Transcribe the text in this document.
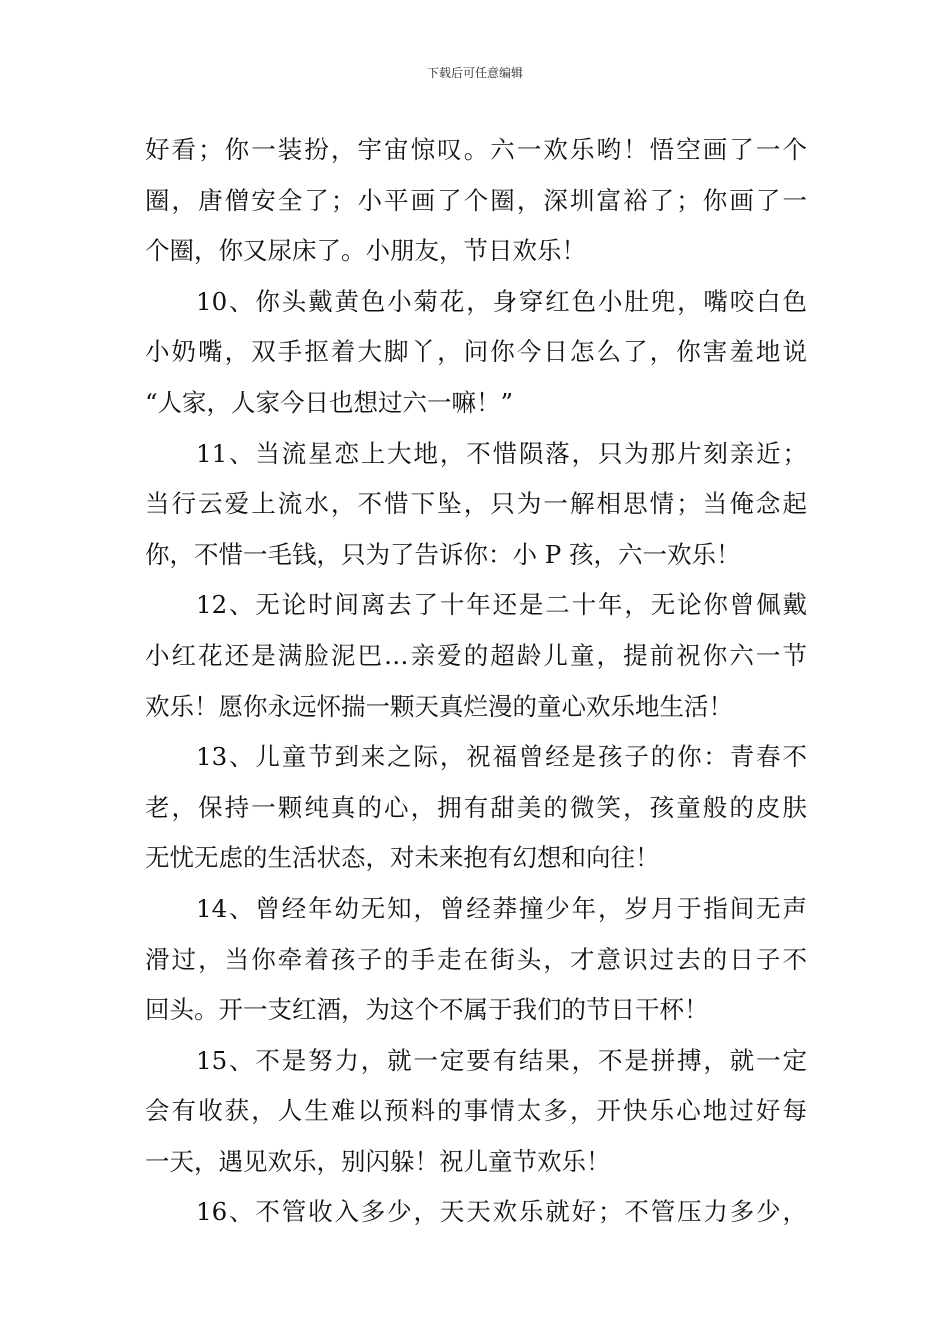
下载后可任意编辑
好看；你一装扮，宇宙惊叹。六一欢乐哟！悟空画了一个
圈，唐僧安全了；小平画了个圈，深圳富裕了；你画了一
个圈，你又尿床了。小朋友，节日欢乐！
10、你头戴黄色小菊花，身穿红色小肚兜，嘴咬白色
小奶嘴，双手抠着大脚丫，问你今日怎么了，你害羞地说
“人家，人家今日也想过六一嘛！”
11、当流星恋上大地，不惜陨落，只为那片刻亲近；
当行云爱上流水，不惜下坠，只为一解相思情；当俺念起
你，不惜一毛钱，只为了告诉你：小 P 孩，六一欢乐！
12、无论时间离去了十年还是二十年，无论你曾佩戴
小红花还是满脸泥巴…亲爱的超龄儿童，提前祝你六一节
欢乐！愿你永远怀揣一颗天真烂漫的童心欢乐地生活！
13、儿童节到来之际，祝福曾经是孩子的你：青春不
老，保持一颗纯真的心，拥有甜美的微笑，孩童般的皮肤
无忧无虑的生活状态，对未来抱有幻想和向往！
14、曾经年幼无知，曾经莽撞少年，岁月于指间无声
滑过，当你牵着孩子的手走在街头，才意识过去的日子不
回头。开一支红酒，为这个不属于我们的节日干杯！
15、不是努力，就一定要有结果，不是拼搏，就一定
会有收获，人生难以预料的事情太多，开快乐心地过好每
一天，遇见欢乐，别闪躲！祝儿童节欢乐！
16、不管收入多少，天天欢乐就好；不管压力多少，
